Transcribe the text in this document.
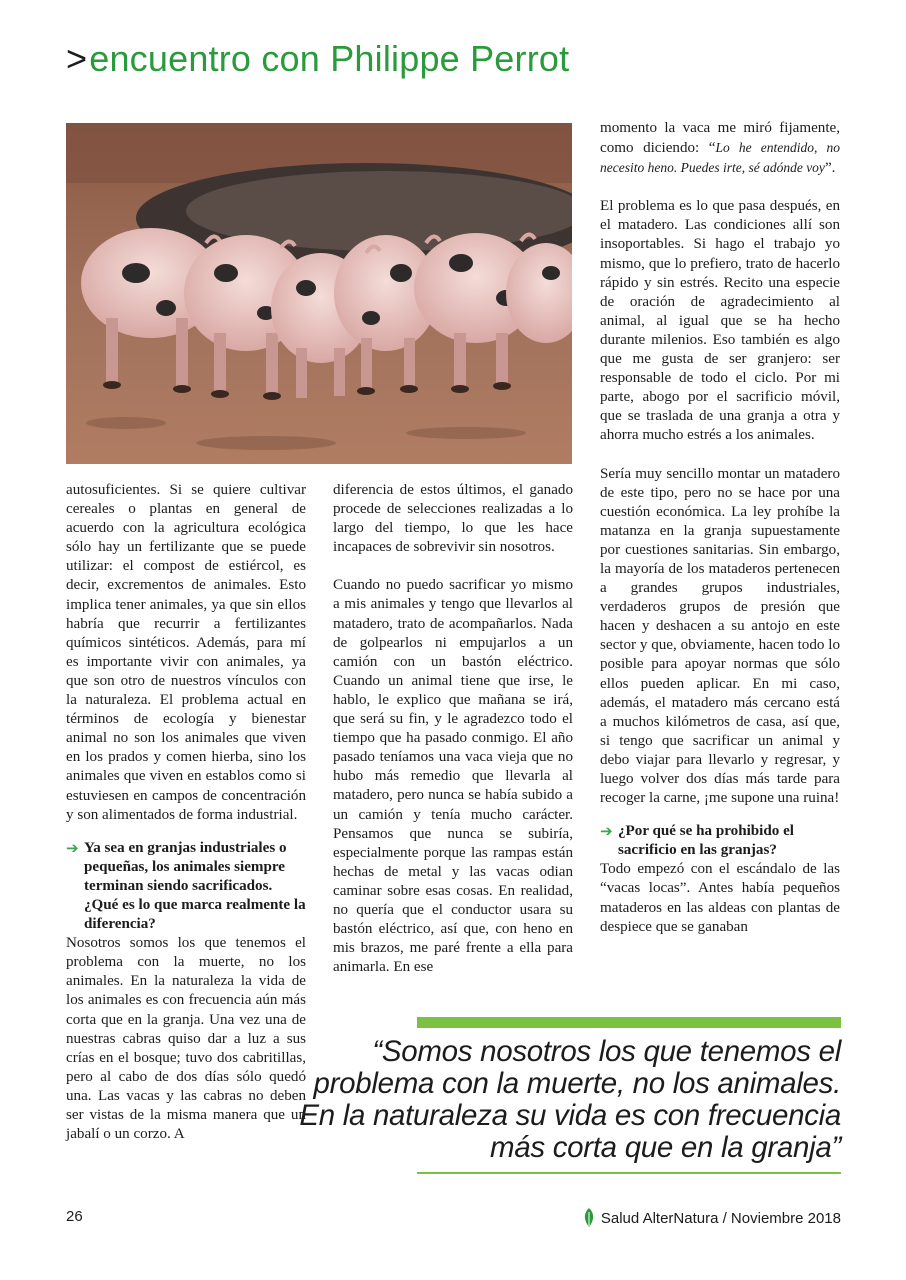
>encuentro con Philippe Perrot

autosuficientes. Si se quiere cultivar cereales o plantas en general de acuerdo con la agricultura ecológica sólo hay un fertilizante que se puede utilizar: el compost de estiércol, es decir, excrementos de animales. Esto implica tener animales, ya que sin ellos habría que recurrir a fertilizantes químicos sintéticos. Además, para mí es importante vivir con animales, ya que son otro de nuestros vínculos con la naturaleza. El problema actual en términos de ecología y bienestar animal no son los animales que viven en los prados y comen hierba, sino los animales que viven en establos como si estuviesen en campos de concentración y son alimentados de forma industrial.

➔ Ya sea en granjas industriales o pequeñas, los animales siempre terminan siendo sacrificados. ¿Qué es lo que marca realmente la diferencia?

Nosotros somos los que tenemos el problema con la muerte, no los animales. En la naturaleza la vida de los animales es con frecuencia aún más corta que en la granja. Una vez una de nuestras cabras quiso dar a luz a sus crías en el bosque; tuvo dos cabritillas, pero al cabo de dos días sólo quedó una. Las vacas y las cabras no deben ser vistas de la misma manera que un jabalí o un corzo. A

diferencia de estos últimos, el ganado procede de selecciones realizadas a lo largo del tiempo, lo que les hace incapaces de sobrevivir sin nosotros.

Cuando no puedo sacrificar yo mismo a mis animales y tengo que llevarlos al matadero, trato de acompañarlos. Nada de golpearlos ni empujarlos a un camión con un bastón eléctrico. Cuando un animal tiene que irse, le hablo, le explico que mañana se irá, que será su fin, y le agradezco todo el tiempo que ha pasado conmigo. El año pasado teníamos una vaca vieja que no hubo más remedio que llevarla al matadero, pero nunca se había subido a un camión y tenía mucho carácter. Pensamos que nunca se subiría, especialmente porque las rampas están hechas de metal y las vacas odian caminar sobre esas cosas. En realidad, no quería que el conductor usara su bastón eléctrico, así que, con heno en mis brazos, me paré frente a ella para animarla. En ese

momento la vaca me miró fijamente, como diciendo: “Lo he entendido, no necesito heno. Puedes irte, sé adónde voy”.

El problema es lo que pasa después, en el matadero. Las condiciones allí son insoportables. Si hago el trabajo yo mismo, que lo prefiero, trato de hacerlo rápido y sin estrés. Recito una especie de oración de agradecimiento al animal, al igual que se ha hecho durante milenios. Eso también es algo que me gusta de ser granjero: ser responsable de todo el ciclo. Por mi parte, abogo por el sacrificio móvil, que se traslada de una granja a otra y ahorra mucho estrés a los animales.

Sería muy sencillo montar un matadero de este tipo, pero no se hace por una cuestión económica. La ley prohíbe la matanza en la granja supuestamente por cuestiones sanitarias. Sin embargo, la mayoría de los mataderos pertenecen a grandes grupos industriales, verdaderos grupos de presión que hacen y deshacen a su antojo en este sector y que, obviamente, hacen todo lo posible para apoyar normas que sólo ellos pueden aplicar. En mi caso, además, el matadero más cercano está a muchos kilómetros de casa, así que, si tengo que sacrificar un animal y debo viajar para llevarlo y regresar, y luego volver dos días más tarde para recoger la carne, ¡me supone una ruina!

➔ ¿Por qué se ha prohibido el sacrificio en las granjas?

Todo empezó con el escándalo de las “vacas locas”. Antes había pequeños mataderos en las aldeas con plantas de despiece que se ganaban

“Somos nosotros los que tenemos el
problema con la muerte, no los animales.
En la naturaleza su vida es con frecuencia
más corta que en la granja”
26	Salud AlterNatura / Noviembre 2018
